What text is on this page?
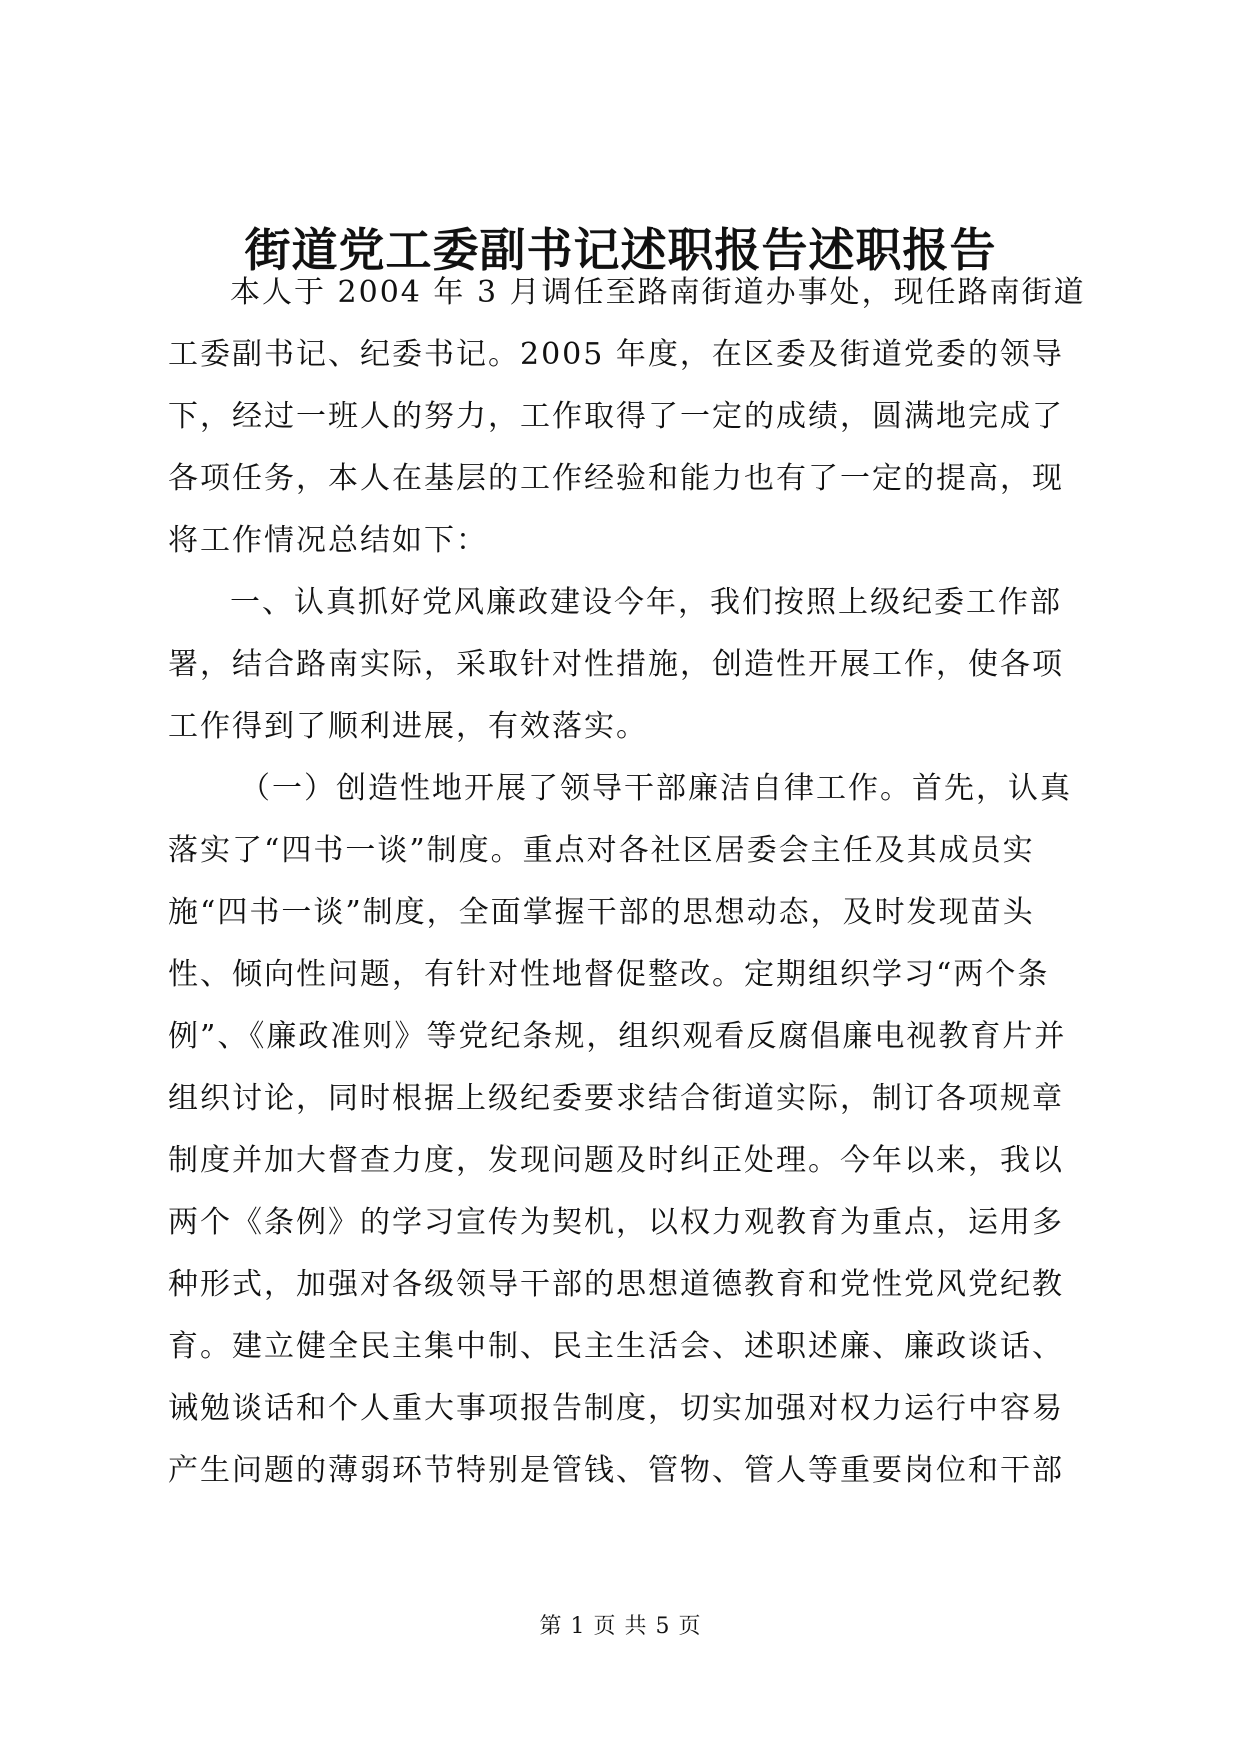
街道党工委副书记述职报告述职报告
本人于 2004 年 3 月调任至路南街道办事处，现任路南街道
工委副书记、纪委书记。2005 年度，在区委及街道党委的领导
下，经过一班人的努力，工作取得了一定的成绩，圆满地完成了
各项任务，本人在基层的工作经验和能力也有了一定的提高，现
将工作情况总结如下：
一、认真抓好党风廉政建设今年，我们按照上级纪委工作部
署，结合路南实际，采取针对性措施，创造性开展工作，使各项
工作得到了顺利进展，有效落实。
（一）创造性地开展了领导干部廉洁自律工作。首先，认真
落实了“四书一谈”制度。重点对各社区居委会主任及其成员实
施“四书一谈”制度，全面掌握干部的思想动态，及时发现苗头
性、倾向性问题，有针对性地督促整改。定期组织学习“两个条
例”、《廉政准则》等党纪条规，组织观看反腐倡廉电视教育片并
组织讨论，同时根据上级纪委要求结合街道实际，制订各项规章
制度并加大督查力度，发现问题及时纠正处理。今年以来，我以
两个《条例》的学习宣传为契机，以权力观教育为重点，运用多
种形式，加强对各级领导干部的思想道德教育和党性党风党纪教
育。建立健全民主集中制、民主生活会、述职述廉、廉政谈话、
诫勉谈话和个人重大事项报告制度，切实加强对权力运行中容易
产生问题的薄弱环节特别是管钱、管物、管人等重要岗位和干部
第 1 页 共 5 页
